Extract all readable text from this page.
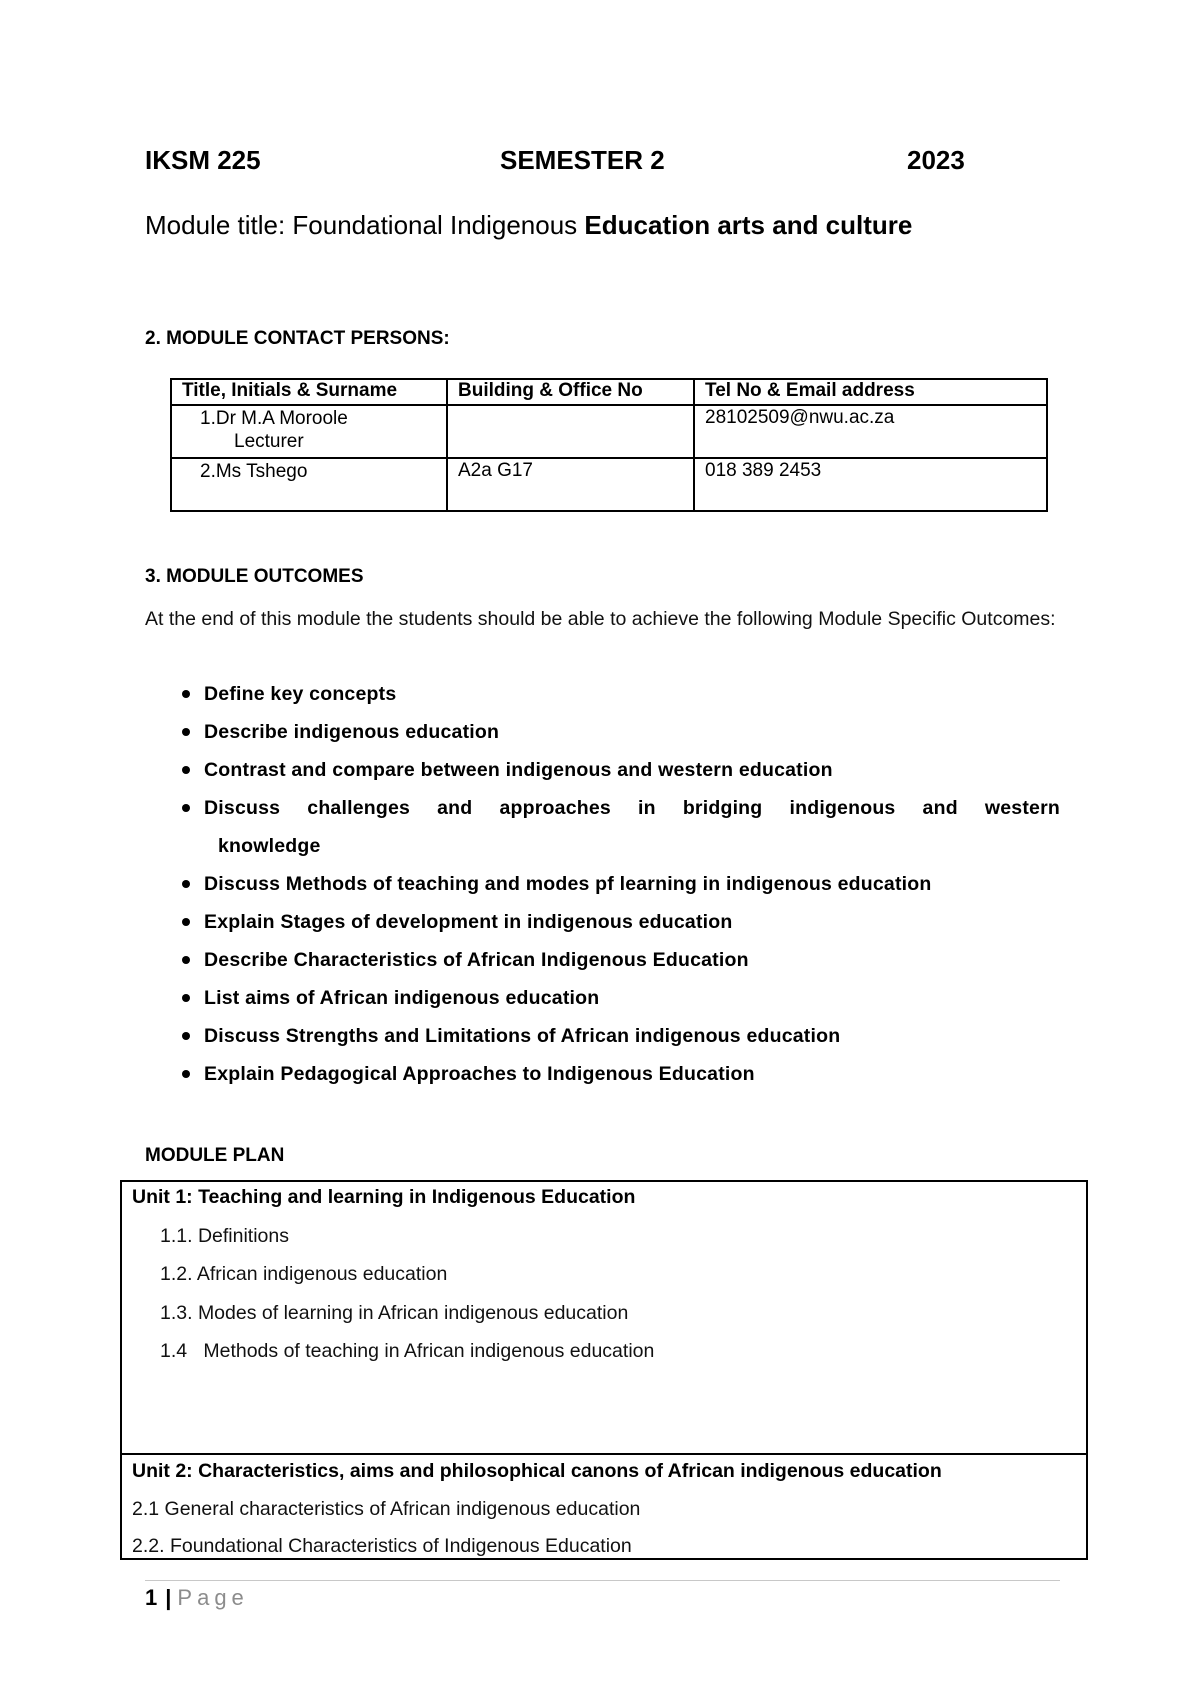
IKSM 225	SEMESTER 2	2023
Module title: Foundational Indigenous Education arts and culture
2. MODULE CONTACT PERSONS:
Title, Initials & Surname	Building & Office No	Tel No & Email address

1.Dr M.A Moroole
Lecturer		28102509@nwu.ac.za

2.Ms Tshego	A2a G17	018 389 2453
3. MODULE OUTCOMES
At the end of this module the students should be able to achieve the following Module Specific Outcomes:
Define key concepts
Describe indigenous education
Contrast and compare between indigenous and western education
Discuss challenges and approaches in bridging indigenous and western
knowledge
Discuss Methods of teaching and modes pf learning in indigenous education
Explain Stages of development in indigenous education
Describe Characteristics of African Indigenous Education
List aims of African indigenous education
Discuss Strengths and Limitations of African indigenous education
Explain Pedagogical Approaches to Indigenous Education
MODULE PLAN
Unit 1: Teaching and learning in Indigenous Education
1.1. Definitions
1.2. African indigenous education
1.3. Modes of learning in African indigenous education
1.4   Methods of teaching in African indigenous education
Unit 2: Characteristics, aims and philosophical canons of African indigenous education
2.1 General characteristics of African indigenous education
2.2. Foundational Characteristics of Indigenous Education
1 | Page
